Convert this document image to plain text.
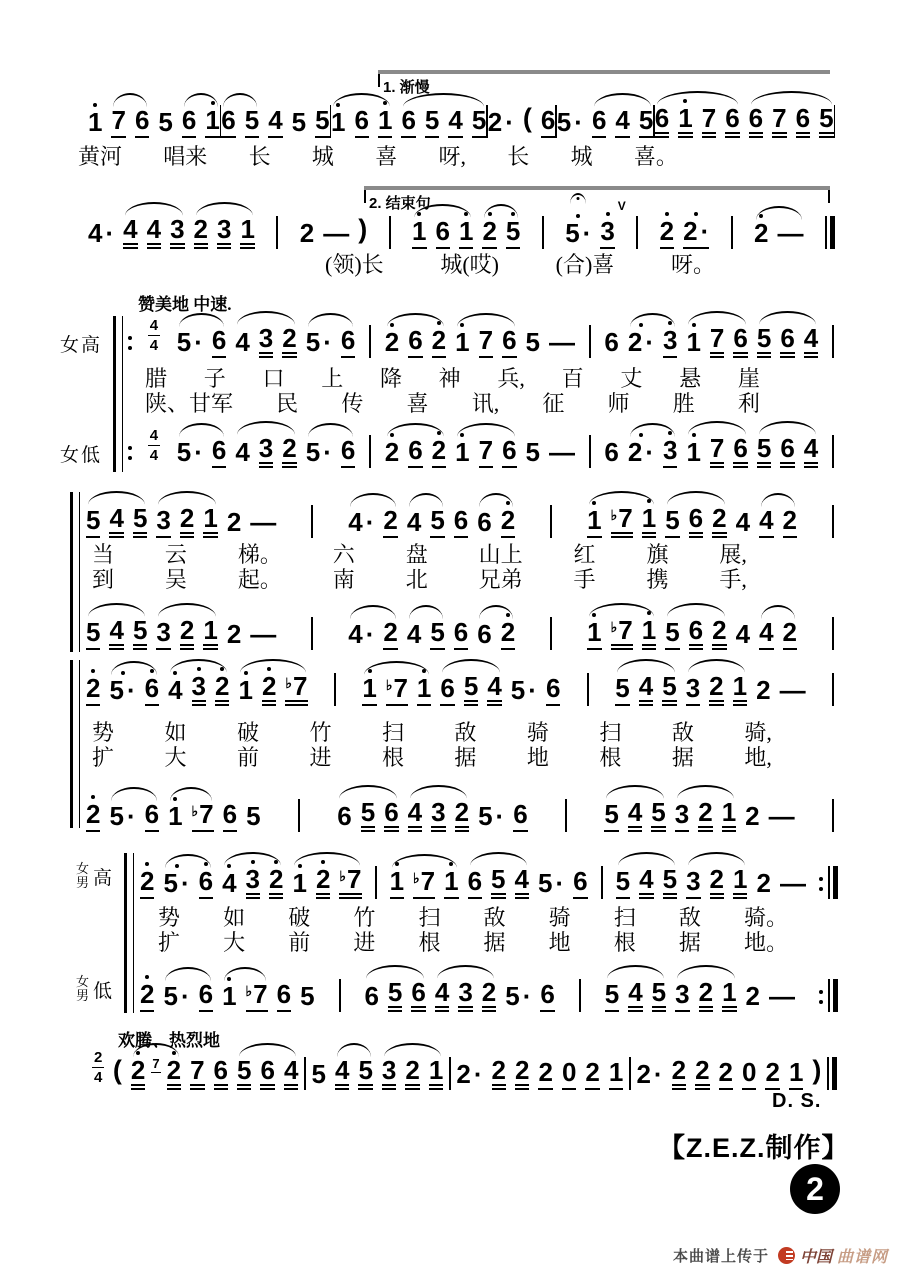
1. 渐慢
1 7 6 5 6 1 6 5 4 5 5 1 6 1 6 5 4 5 2 · ( 6 5 · 6 4 5 6 1 7 6 6 7 6 5
黄河 唱来 长 城 喜 呀, 长 城 喜。
2. 结束句
4 · 4 4 3 2 3 1 2 — ) 1 6 1 2 5 5 · 3
V
2 2 · 2 —
(领)长	城(哎)	(合)喜	呀。
赞美地 中速.
女高
4
4 5 · 6 4 3 2 5 · 6 2 6 2 1 7 6 5 — 6 2 · 3 1 7 6 5 6 4
腊 子 口 上 降 神 兵, 百 丈 悬 崖
陕、甘军 民 传 喜 讯, 征 师 胜 利
女低
4
4 5 · 6 4 3 2 5 · 6 2 6 2 1 7 6 5 — 6 2 · 3 1 7 6 5 6 4
5 4 5 3 2 1 2 —	4 · 2 4 5 6 6 2	1 ♭ 7 1 5 6 2 4 4 2
当 云 梯。 六 盘 山上 红 旗 展,
到 吴 起。 南 北 兄弟 手 携 手,
5 4 5 3 2 1 2 —	4 · 2 4 5 6 6 2	1 ♭ 7 1 5 6 2 4 4 2
2 5 · 6 4 3 2 1 2 ♭ 7 1 ♭ 7 1 6 5 4 5 · 6 5 4 5 3 2 1 2 —
势 如 破 竹 扫 敌 骑 扫 敌 骑,
扩 大 前 进 根 据 地 根 据 地,
2 5 · 6 1 ♭ 7 6 5	6 5 6 4 3 2 5 · 6	5 4 5 3 2 1 2 —
女
男 高 2 5 · 6 4 3 2 1 2 ♭ 7 1 ♭ 7 1 6 5 4 5 · 6 5 4 5 3 2 1 2 —
势 如 破 竹 扫 敌 骑 扫 敌 骑。
扩 大 前 进 根 据 地 根 据 地。
女
男 低 2 5 · 6 1 ♭ 7 6 5 6 5 6 4 3 2 5 · 6 5 4 5 3 2 1 2 —
欢腾、热烈地
2
4 ( 2 7 2 7 6 5 6 4 5 4 5 3 2 1 2 · 2 2 2 0 2 1 2 · 2 2 2 0 2 1 )
D. S.
【Z.E.Z.制作】
2
本曲谱上传于 中国 曲谱网
